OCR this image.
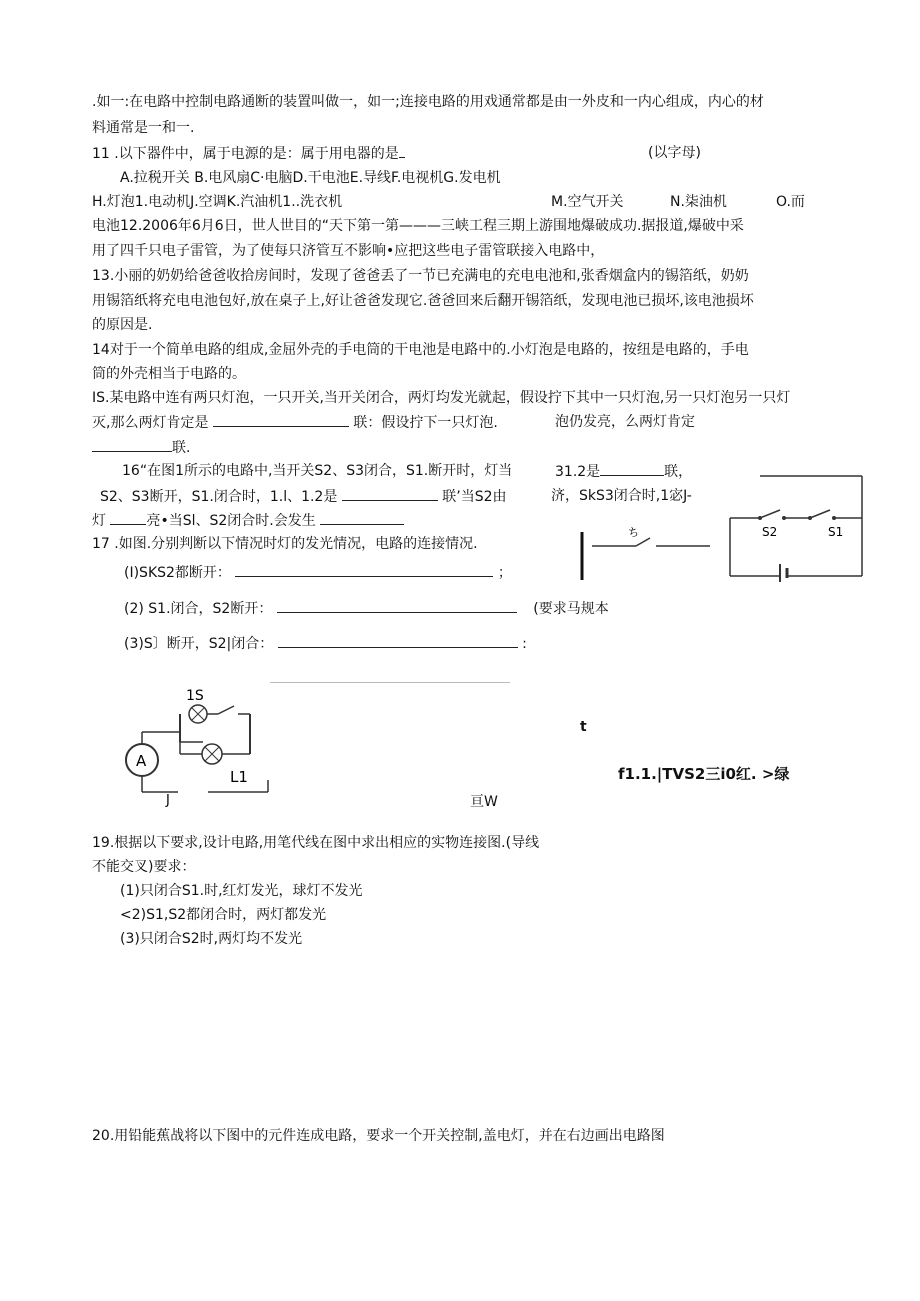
.如一:在电路中控制电路通断的装置叫做一，如一;连接电路的用戏通常都是由一外皮和一内心组成，内心的材
料通常是一和一.
11 .以下器件中，属于电源的是：属于用电器的是	(以字母)
A.拉税开关 B.电风扇C·电脑D.干电池E.导线F.电视机G.发电机
H.灯泡1.电动机J.空调K.汽油机1..洗衣机	M.空气开关	N.柒油机	O.而
电池12.2006年6月6日，世人世目的“天下第一第———三峡工程三期上游围地爆破成功.据报道,爆破中采
用了四千只电子雷管，为了使每只济管互不影响•应把这些电子雷管联接入电路中，
13.小丽的奶奶给爸爸收拾房间时，发现了爸爸丢了一节已充满电的充电电池和,张香烟盒内的锡箔纸，奶奶
用锡箔纸将充电电池包好,放在桌子上,好让爸爸发现它.爸爸回来后翻开锡箔纸，发现电池已损坏,该电池损坏
的原因是.
14对于一个简单电路的组成,金屈外壳的手电筒的干电池是电路中的.小灯泡是电路的，按纽是电路的，手电
筒的外壳相当于电路的。
IS.某电路中连有两只灯泡，一只开关,当开关闭合，两灯均发光就起，假设拧下其中一只灯泡,另一只灯泡另一只灯
灭,那么两灯肯定是	联：假设拧下一只灯泡.	泡仍发亮，么两灯肯定
联.
16“在图1所示的电路中,当开关S2、S3闭合，S1.断开时，灯当	31.2是	联，
S2、S3断开，S1.闭合时，1.l、1.2是	联’当S2由	济，SkS3闭合时,1宓J-
灯	亮•当Sl、S2闭合时.会发生
17 .如图.分别判断以下情况时灯的发光情况，电路的连接情况.
(I)SKS2都断开：	；
(2) S1.闭合，S2断开：	(要求马规本
(3)S〕断开，S2|闭合：	:
1S
A
L1
J	亘W
t
f1.1.|TVS2三i0红. >绿
S2	S1
ち
19.根据以下要求,设计电路,用笔代线在图中求出相应的实物连接图.(导线
不能交叉)要求：
(1)只闭合S1.时,红灯发光，球灯不发光
<2)S1,S2都闭合时，两灯都发光
(3)只闭合S2时,两灯均不发光
20.用铅能蕉战将以下图中的元件连成电路，要求一个开关控制,盖电灯，并在右边画出电路图
